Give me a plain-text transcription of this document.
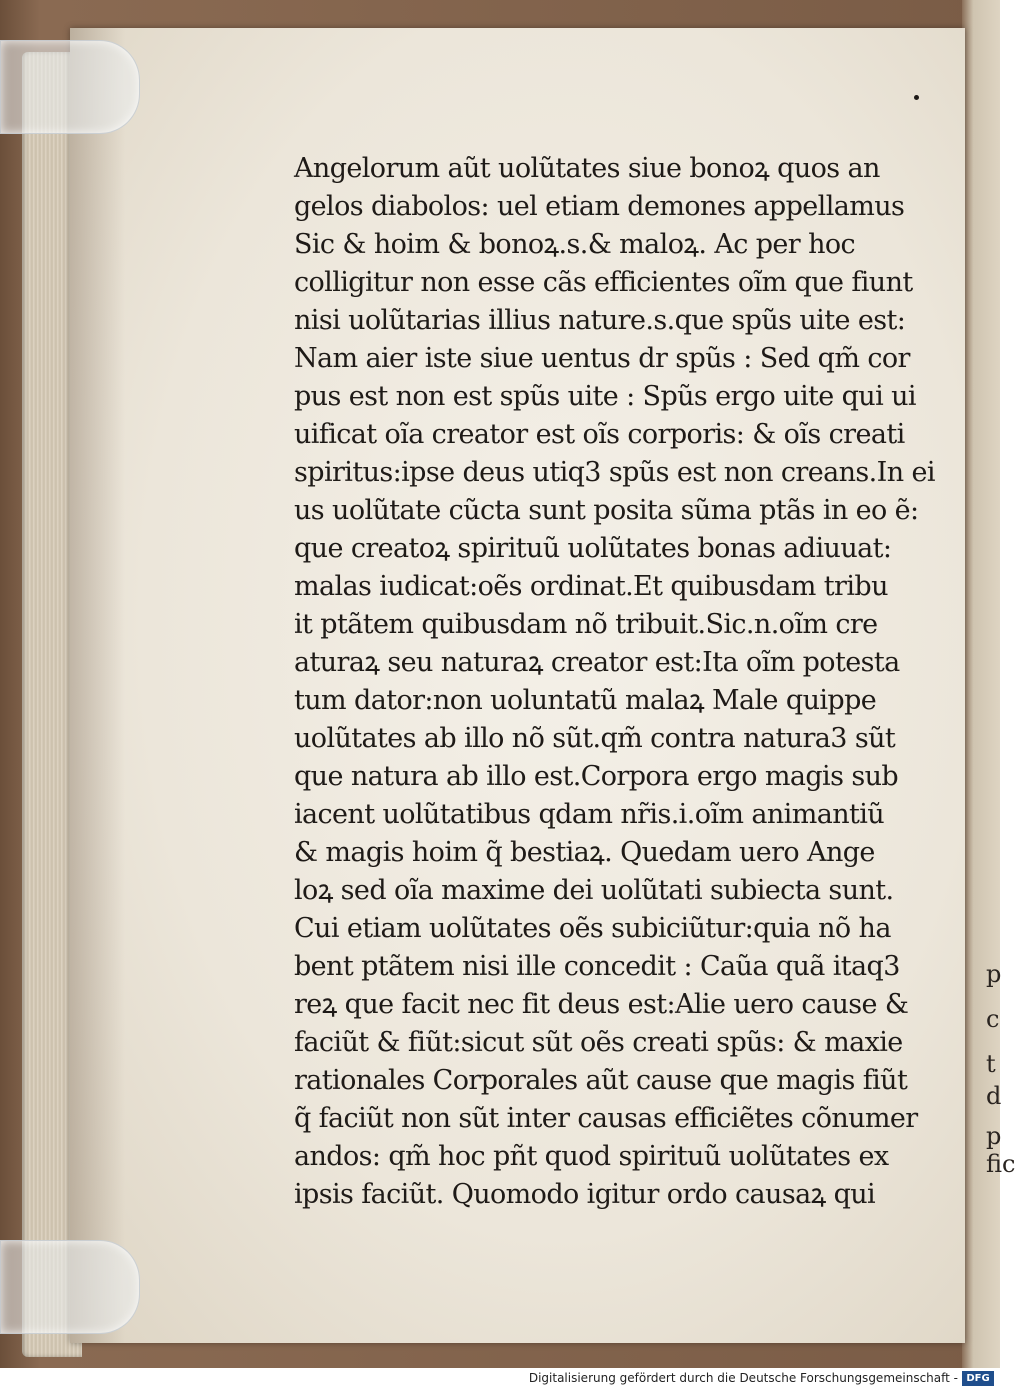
p
c
t
d
p
fic
Angelorum aũt uolũtates siue bonoꝝ quos an
gelos diabolos: uel etiam demones appellamus
Sic & hoim & bonoꝝ.s.& maloꝝ. Ac per hoc
colligitur non esse cãs efficientes oĩm que fiunt
nisi uolũtarias illius nature.s.que spũs uite est:
Nam aier iste siue uentus dr spũs : Sed qm̃ cor
pus est non est spũs uite : Spũs ergo uite qui ui
uificat oĩa creator est oĩs corporis: & oĩs creati
spiritus:ipse deus utiq3 spũs est non creans.In ei
us uolũtate cũcta sunt posita sũma ptãs in eo ẽ:
que creatoꝝ spirituũ uolũtates bonas adiuuat:
malas iudicat:oẽs ordinat.Et quibusdam tribu
it ptãtem quibusdam nõ tribuit.Sic.n.oĩm cre
aturaꝝ seu naturaꝝ creator est:Ita oĩm potesta
tum dator:non uoluntatũ malaꝝ Male quippe
uolũtates ab illo nõ sũt.qm̃ contra natura3 sũt
que natura ab illo est.Corpora ergo magis sub
iacent uolũtatibus qdam nr̃is.i.oĩm animantiũ
& magis hoim q̃ bestiaꝝ. Quedam uero Ange
loꝝ sed oĩa maxime dei uolũtati subiecta sunt.
Cui etiam uolũtates oẽs subiciũtur:quia nõ ha
bent ptãtem nisi ille concedit : Caũa quã itaq3
reꝝ que facit nec fit deus est:Alie uero cause &
faciũt & fiũt:sicut sũt oẽs creati spũs: & maxie
rationales Corporales aũt cause que magis fiũt
q̃ faciũt non sũt inter causas efficiẽtes cõnumer
andos: qm̃ hoc pñt quod spirituũ uolũtates ex
ipsis faciũt. Quomodo igitur ordo causaꝝ qui
Digitalisierung gefördert durch die Deutsche Forschungsgemeinschaft - DFG
